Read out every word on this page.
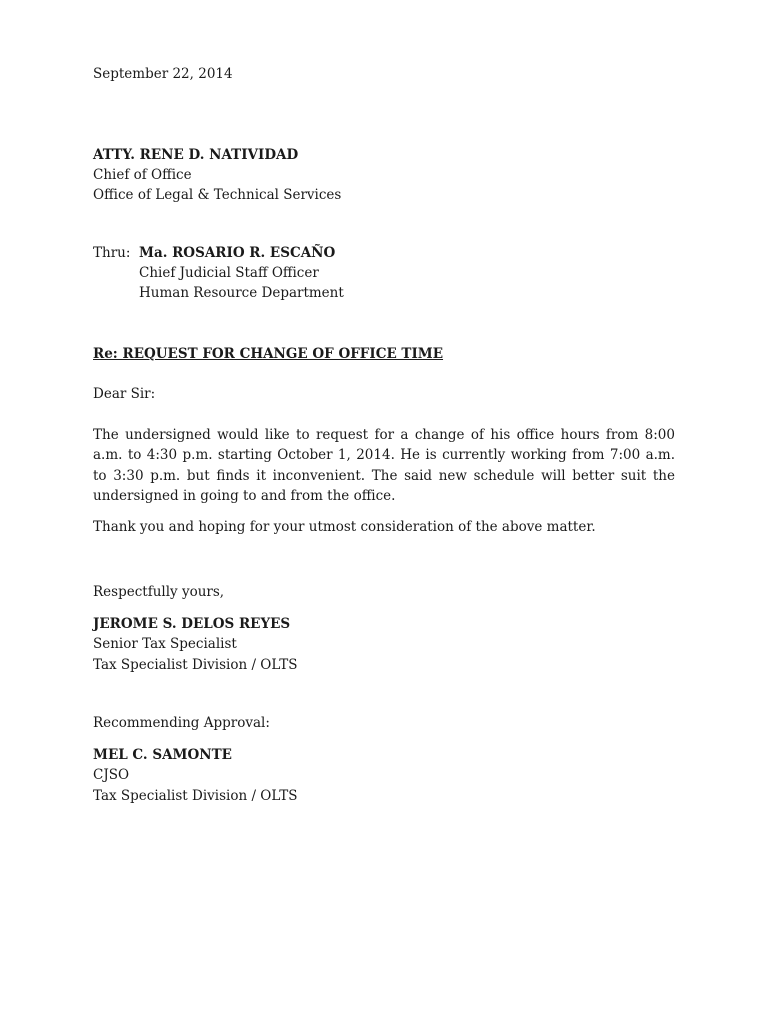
September 22, 2014
ATTY. RENE D. NATIVIDAD
Chief of Office
Office of Legal & Technical Services
Thru: Ma. ROSARIO R. ESCAÑO
Chief Judicial Staff Officer
Human Resource Department
Re: REQUEST FOR CHANGE OF OFFICE TIME
Dear Sir:
The undersigned would like to request for a change of his office hours from 8:00 a.m. to 4:30 p.m. starting October 1, 2014. He is currently working from 7:00 a.m. to 3:30 p.m. but finds it inconvenient. The said new schedule will better suit the undersigned in going to and from the office.
Thank you and hoping for your utmost consideration of the above matter.
Respectfully yours,
JEROME S. DELOS REYES
Senior Tax Specialist
Tax Specialist Division / OLTS
Recommending Approval:
MEL C. SAMONTE
CJSO
Tax Specialist Division / OLTS
